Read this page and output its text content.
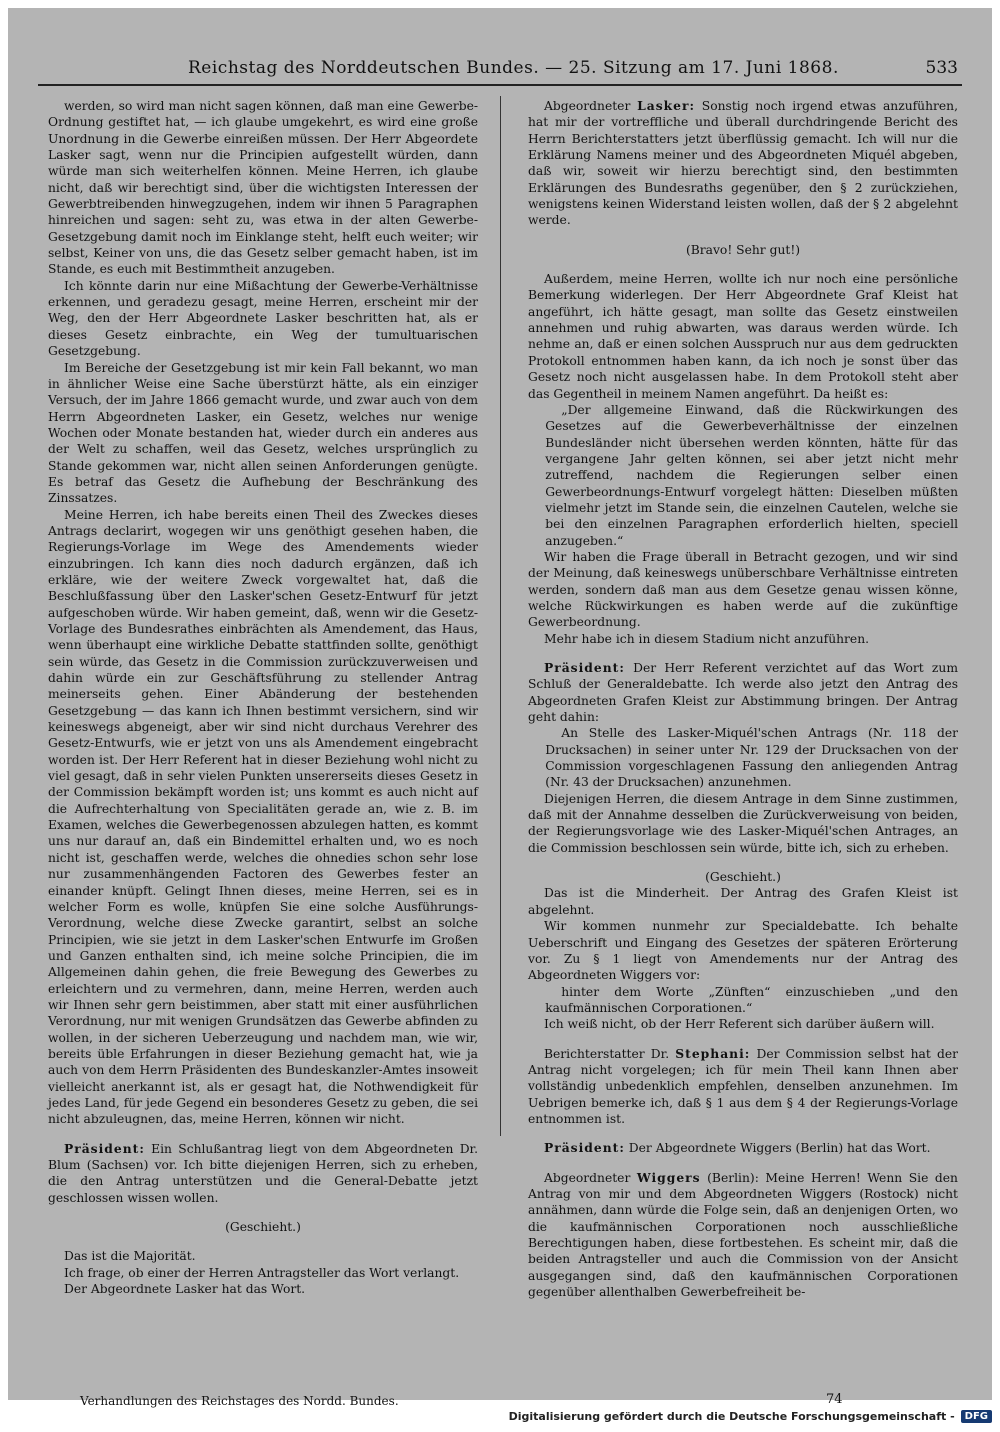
Reichstag des Norddeutschen Bundes. — 25. Sitzung am 17. Juni 1868.	533

werden, so wird man nicht sagen können, daß man eine Gewerbe-Ordnung gestiftet hat, — ich glaube umgekehrt, es wird eine große Unordnung in die Gewerbe einreißen müssen. Der Herr Abgeordete Lasker sagt, wenn nur die Principien aufgestellt würden, dann würde man sich weiterhelfen können. Meine Herren, ich glaube nicht, daß wir berechtigt sind, über die wichtigsten Interessen der Gewerbtreibenden hinwegzugehen, indem wir ihnen 5 Paragraphen hinreichen und sagen: seht zu, was etwa in der alten Gewerbe-Gesetzgebung damit noch im Einklange steht, helft euch weiter; wir selbst, Keiner von uns, die das Gesetz selber gemacht haben, ist im Stande, es euch mit Bestimmtheit anzugeben.

Ich könnte darin nur eine Mißachtung der Gewerbe-Verhältnisse erkennen, und geradezu gesagt, meine Herren, erscheint mir der Weg, den der Herr Abgeordnete Lasker beschritten hat, als er dieses Gesetz einbrachte, ein Weg der tumultuarischen Gesetzgebung.

Im Bereiche der Gesetzgebung ist mir kein Fall bekannt, wo man in ähnlicher Weise eine Sache überstürzt hätte, als ein einziger Versuch, der im Jahre 1866 gemacht wurde, und zwar auch von dem Herrn Abgeordneten Lasker, ein Gesetz, welches nur wenige Wochen oder Monate bestanden hat, wieder durch ein anderes aus der Welt zu schaffen, weil das Gesetz, welches ursprünglich zu Stande gekommen war, nicht allen seinen Anforderungen genügte. Es betraf das Gesetz die Aufhebung der Beschränkung des Zinssatzes.

Meine Herren, ich habe bereits einen Theil des Zweckes dieses Antrags declarirt, wogegen wir uns genöthigt gesehen haben, die Regierungs-Vorlage im Wege des Amendements wieder einzubringen. Ich kann dies noch dadurch ergänzen, daß ich erkläre, wie der weitere Zweck vorgewaltet hat, daß die Beschlußfassung über den Lasker'schen Gesetz-Entwurf für jetzt aufgeschoben würde. Wir haben gemeint, daß, wenn wir die Gesetz-Vorlage des Bundesrathes einbrächten als Amendement, das Haus, wenn überhaupt eine wirkliche Debatte stattfinden sollte, genöthigt sein würde, das Gesetz in die Commission zurückzuverweisen und dahin würde ein zur Geschäftsführung zu stellender Antrag meinerseits gehen. Einer Abänderung der bestehenden Gesetzgebung — das kann ich Ihnen bestimmt versichern, sind wir keineswegs abgeneigt, aber wir sind nicht durchaus Verehrer des Gesetz-Entwurfs, wie er jetzt von uns als Amendement eingebracht worden ist. Der Herr Referent hat in dieser Beziehung wohl nicht zu viel gesagt, daß in sehr vielen Punkten unsererseits dieses Gesetz in der Commission bekämpft worden ist; uns kommt es auch nicht auf die Aufrechterhaltung von Specialitäten gerade an, wie z. B. im Examen, welches die Gewerbegenossen abzulegen hatten, es kommt uns nur darauf an, daß ein Bindemittel erhalten und, wo es noch nicht ist, geschaffen werde, welches die ohnedies schon sehr lose nur zusammenhängenden Factoren des Gewerbes fester an einander knüpft. Gelingt Ihnen dieses, meine Herren, sei es in welcher Form es wolle, knüpfen Sie eine solche Ausführungs-Verordnung, welche diese Zwecke garantirt, selbst an solche Principien, wie sie jetzt in dem Lasker'schen Entwurfe im Großen und Ganzen enthalten sind, ich meine solche Principien, die im Allgemeinen dahin gehen, die freie Bewegung des Gewerbes zu erleichtern und zu vermehren, dann, meine Herren, werden auch wir Ihnen sehr gern beistimmen, aber statt mit einer ausführlichen Verordnung, nur mit wenigen Grundsätzen das Gewerbe abfinden zu wollen, in der sicheren Ueberzeugung und nachdem man, wie wir, bereits üble Erfahrungen in dieser Beziehung gemacht hat, wie ja auch von dem Herrn Präsidenten des Bundeskanzler-Amtes insoweit vielleicht anerkannt ist, als er gesagt hat, die Nothwendigkeit für jedes Land, für jede Gegend ein besonderes Gesetz zu geben, die sei nicht abzuleugnen, das, meine Herren, können wir nicht.

Präsident: Ein Schlußantrag liegt von dem Abgeordneten Dr. Blum (Sachsen) vor. Ich bitte diejenigen Herren, sich zu erheben, die den Antrag unterstützen und die General-Debatte jetzt geschlossen wissen wollen.

(Geschieht.)

Das ist die Majorität.

Ich frage, ob einer der Herren Antragsteller das Wort verlangt.

Der Abgeordnete Lasker hat das Wort.

Abgeordneter Lasker: Sonstig noch irgend etwas anzuführen, hat mir der vortreffliche und überall durchdringende Bericht des Herrn Berichterstatters jetzt überflüssig gemacht. Ich will nur die Erklärung Namens meiner und des Abgeordneten Miquél abgeben, daß wir, soweit wir hierzu berechtigt sind, den bestimmten Erklärungen des Bundesraths gegenüber, den § 2 zurückziehen, wenigstens keinen Widerstand leisten wollen, daß der § 2 abgelehnt werde.

(Bravo! Sehr gut!)

Außerdem, meine Herren, wollte ich nur noch eine persönliche Bemerkung widerlegen. Der Herr Abgeordnete Graf Kleist hat angeführt, ich hätte gesagt, man sollte das Gesetz einstweilen annehmen und ruhig abwarten, was daraus werden würde. Ich nehme an, daß er einen solchen Ausspruch nur aus dem gedruckten Protokoll entnommen haben kann, da ich noch je sonst über das Gesetz noch nicht ausgelassen habe. In dem Protokoll steht aber das Gegentheil in meinem Namen angeführt. Da heißt es:

„Der allgemeine Einwand, daß die Rückwirkungen des Gesetzes auf die Gewerbeverhältnisse der einzelnen Bundesländer nicht übersehen werden könnten, hätte für das vergangene Jahr gelten können, sei aber jetzt nicht mehr zutreffend, nachdem die Regierungen selber einen Gewerbeordnungs-Entwurf vorgelegt hätten: Dieselben müßten vielmehr jetzt im Stande sein, die einzelnen Cautelen, welche sie bei den einzelnen Paragraphen erforderlich hielten, speciell anzugeben.“

Wir haben die Frage überall in Betracht gezogen, und wir sind der Meinung, daß keineswegs unüberschbare Verhältnisse eintreten werden, sondern daß man aus dem Gesetze genau wissen könne, welche Rückwirkungen es haben werde auf die zukünftige Gewerbeordnung.

Mehr habe ich in diesem Stadium nicht anzuführen.

Präsident: Der Herr Referent verzichtet auf das Wort zum Schluß der Generaldebatte. Ich werde also jetzt den Antrag des Abgeordneten Grafen Kleist zur Abstimmung bringen. Der Antrag geht dahin:

An Stelle des Lasker-Miquél'schen Antrags (Nr. 118 der Drucksachen) in seiner unter Nr. 129 der Drucksachen von der Commission vorgeschlagenen Fassung den anliegenden Antrag (Nr. 43 der Drucksachen) anzunehmen.

Diejenigen Herren, die diesem Antrage in dem Sinne zustimmen, daß mit der Annahme desselben die Zurückverweisung von beiden, der Regierungsvorlage wie des Lasker-Miquél'schen Antrages, an die Commission beschlossen sein würde, bitte ich, sich zu erheben.

(Geschieht.)

Das ist die Minderheit. Der Antrag des Grafen Kleist ist abgelehnt.

Wir kommen nunmehr zur Specialdebatte. Ich behalte Ueberschrift und Eingang des Gesetzes der späteren Erörterung vor. Zu § 1 liegt von Amendements nur der Antrag des Abgeordneten Wiggers vor:

hinter dem Worte „Zünften“ einzuschieben „und den kaufmännischen Corporationen.“

Ich weiß nicht, ob der Herr Referent sich darüber äußern will.

Berichterstatter Dr. Stephani: Der Commission selbst hat der Antrag nicht vorgelegen; ich für mein Theil kann Ihnen aber vollständig unbedenklich empfehlen, denselben anzunehmen. Im Uebrigen bemerke ich, daß § 1 aus dem § 4 der Regierungs-Vorlage entnommen ist.

Präsident: Der Abgeordnete Wiggers (Berlin) hat das Wort.

Abgeordneter Wiggers (Berlin): Meine Herren! Wenn Sie den Antrag von mir und dem Abgeordneten Wiggers (Rostock) nicht annähmen, dann würde die Folge sein, daß an denjenigen Orten, wo die kaufmännischen Corporationen noch ausschließliche Berechtigungen haben, diese fortbestehen. Es scheint mir, daß die beiden Antragsteller und auch die Commission von der Ansicht ausgegangen sind, daß den kaufmännischen Corporationen gegenüber allenthalben Gewerbefreiheit be-

Verhandlungen des Reichstages des Nordd. Bundes.	74
Digitalisierung gefördert durch die Deutsche Forschungsgemeinschaft -	DFG
